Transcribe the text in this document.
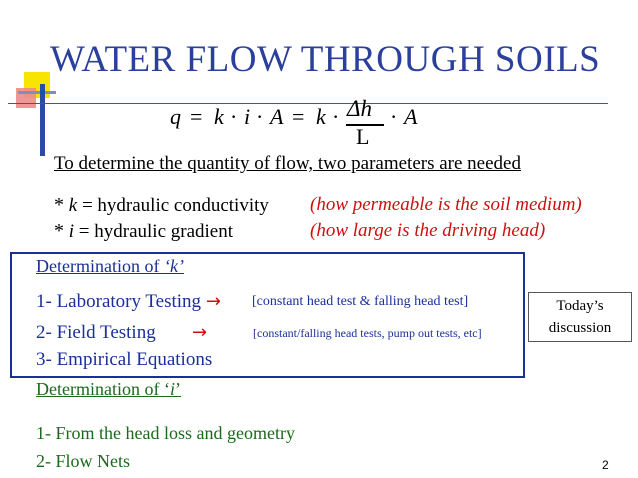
WATER FLOW THROUGH SOILS
q = k · i · A = k · Δh
L
· A
To determine the quantity of flow, two parameters are needed
* k = hydraulic conductivity (how permeable is the soil medium)
* i = hydraulic gradient	(how large is the driving head)
Determination of ‘k’
1- Laboratory Testing → [constant head test & falling head test]
2- Field Testing →	[constant/falling head tests, pump out tests, etc]
3- Empirical Equations
Today’s
discussion
Determination of ‘i’
1- From the head loss and geometry
2- Flow Nets	2
